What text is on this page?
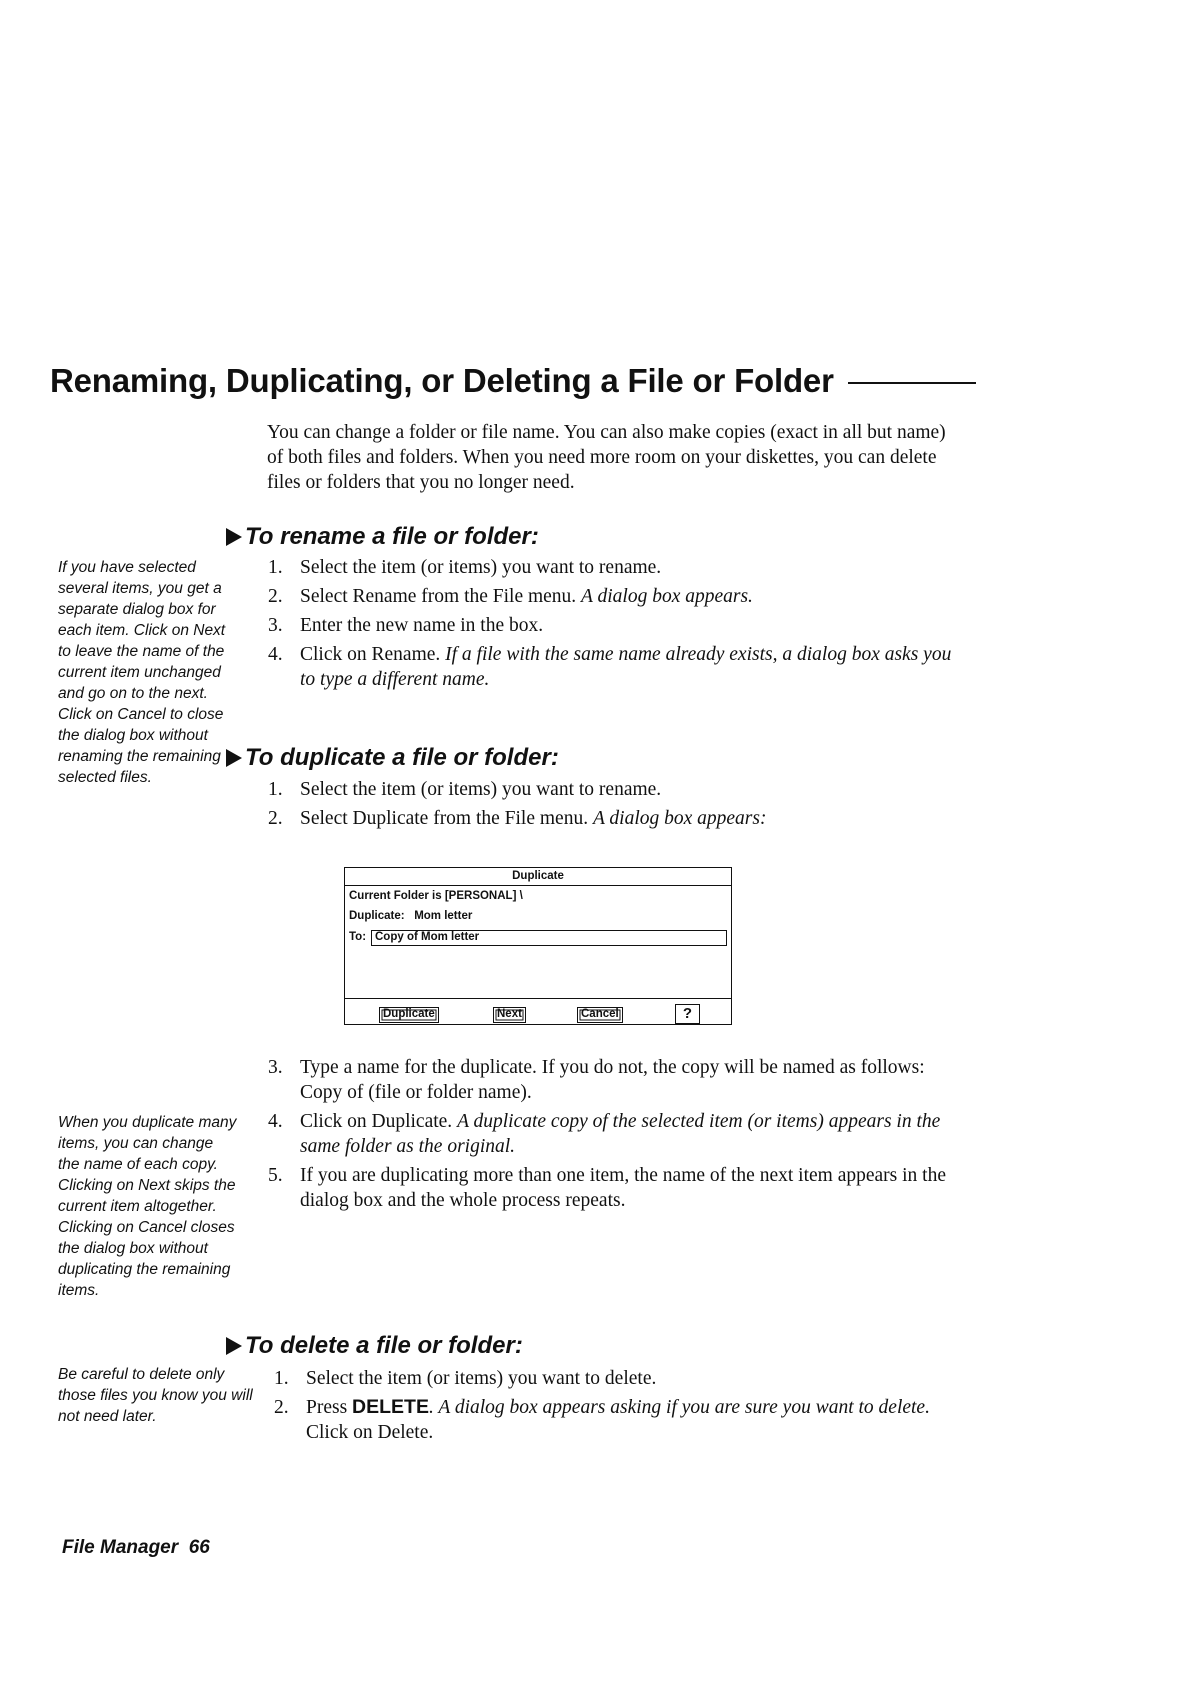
Renaming, Duplicating, or Deleting a File or Folder
You can change a folder or file name. You can also make copies (exact in all but name) of both files and folders. When you need more room on your diskettes, you can delete files or folders that you no longer need.
To rename a file or folder:
1. Select the item (or items) you want to rename.
2. Select Rename from the File menu. A dialog box appears.
3. Enter the new name in the box.
4. Click on Rename. If a file with the same name already exists, a dialog box asks you to type a different name.
If you have selected several items, you get a separate dialog box for each item. Click on Next to leave the name of the current item unchanged and go on to the next. Click on Cancel to close the dialog box without renaming the remaining selected files.
To duplicate a file or folder:
1. Select the item (or items) you want to rename.
2. Select Duplicate from the File menu. A dialog box appears:
Duplicate
Current Folder is [PERSONAL] \
Duplicate: Mom letter
To: Copy of Mom letter
Duplicate	Next	Cancel	?
3. Type a name for the duplicate. If you do not, the copy will be named as follows: Copy of (file or folder name).
4. Click on Duplicate. A duplicate copy of the selected item (or items) appears in the same folder as the original.
5. If you are duplicating more than one item, the name of the next item appears in the dialog box and the whole process repeats.
When you duplicate many items, you can change the name of each copy. Clicking on Next skips the current item altogether. Clicking on Cancel closes the dialog box without duplicating the remaining items.
To delete a file or folder:
1. Select the item (or items) you want to delete.
2. Press DELETE. A dialog box appears asking if you are sure you want to delete. Click on Delete.
Be careful to delete only those files you know you will not need later.
File Manager  66
